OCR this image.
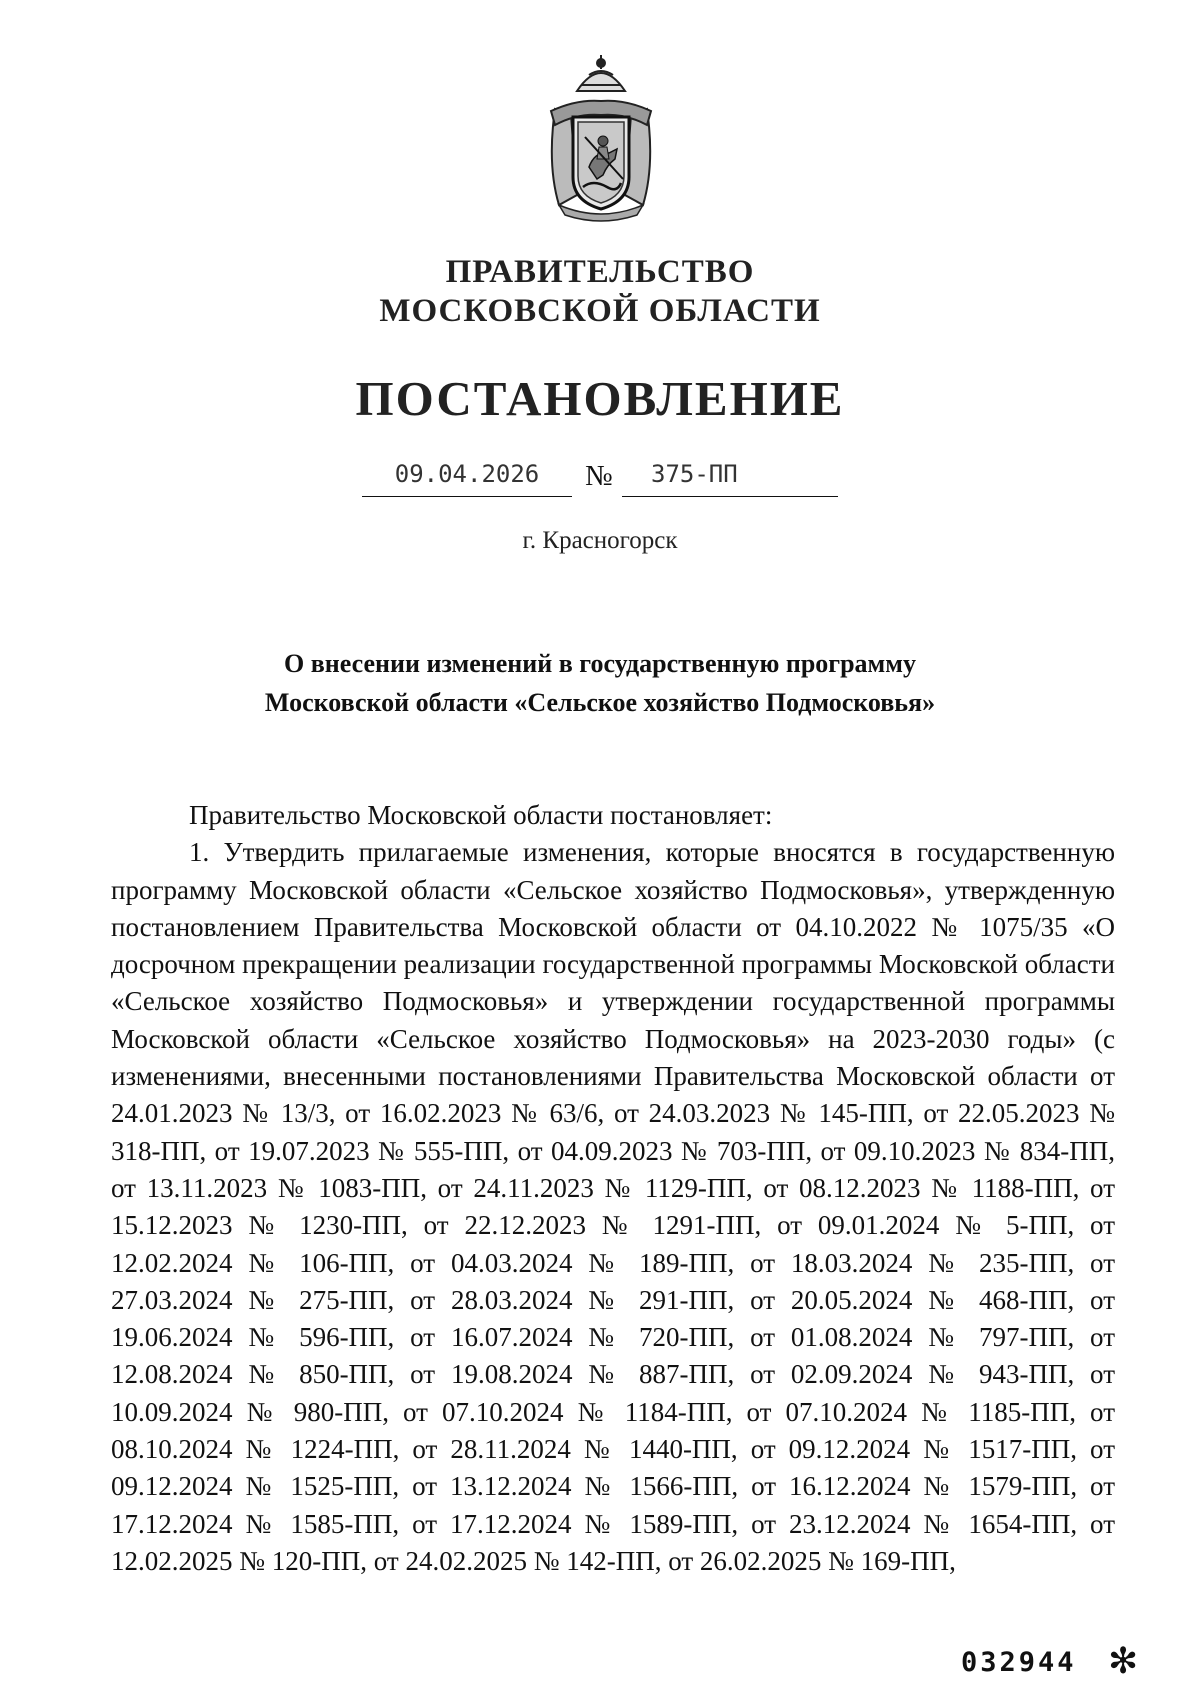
ПРАВИТЕЛЬСТВО
МОСКОВСКОЙ ОБЛАСТИ
ПОСТАНОВЛЕНИЕ
09.04.2026	№	375-ПП
г. Красногорск
О внесении изменений в государственную программу
Московской области «Сельское хозяйство Подмосковья»

Правительство Московской области постановляет:

1. Утвердить прилагаемые изменения, которые вносятся в государственную программу Московской области «Сельское хозяйство Подмосковья», утвержденную постановлением Правительства Московской области от 04.10.2022 № 1075/35 «О досрочном прекращении реализации государственной программы Московской области «Сельское хозяйство Подмосковья» и утверждении государственной программы Московской области «Сельское хозяйство Подмосковья» на 2023-2030 годы» (с изменениями, внесенными постановлениями Правительства Московской области от 24.01.2023 № 13/3, от 16.02.2023 № 63/6, от 24.03.2023 № 145-ПП, от 22.05.2023 № 318-ПП, от 19.07.2023 № 555-ПП, от 04.09.2023 № 703-ПП, от 09.10.2023 № 834-ПП, от 13.11.2023 № 1083-ПП, от 24.11.2023 № 1129-ПП, от 08.12.2023 № 1188-ПП, от 15.12.2023 № 1230-ПП, от 22.12.2023 № 1291-ПП, от 09.01.2024 № 5-ПП, от 12.02.2024 № 106-ПП, от 04.03.2024 № 189-ПП, от 18.03.2024 № 235-ПП, от 27.03.2024 № 275-ПП, от 28.03.2024 № 291-ПП, от 20.05.2024 № 468-ПП, от 19.06.2024 № 596-ПП, от 16.07.2024 № 720-ПП, от 01.08.2024 № 797-ПП, от 12.08.2024 № 850-ПП, от 19.08.2024 № 887-ПП, от 02.09.2024 № 943-ПП, от 10.09.2024 № 980-ПП, от 07.10.2024 № 1184-ПП, от 07.10.2024 № 1185-ПП, от 08.10.2024 № 1224-ПП, от 28.11.2024 № 1440-ПП, от 09.12.2024 № 1517-ПП, от 09.12.2024 № 1525-ПП, от 13.12.2024 № 1566-ПП, от 16.12.2024 № 1579-ПП, от 17.12.2024 № 1585-ПП, от 17.12.2024 № 1589-ПП, от 23.12.2024 № 1654-ПП, от 12.02.2025 № 120-ПП, от 24.02.2025 № 142-ПП, от 26.02.2025 № 169-ПП,

032944 ✻
